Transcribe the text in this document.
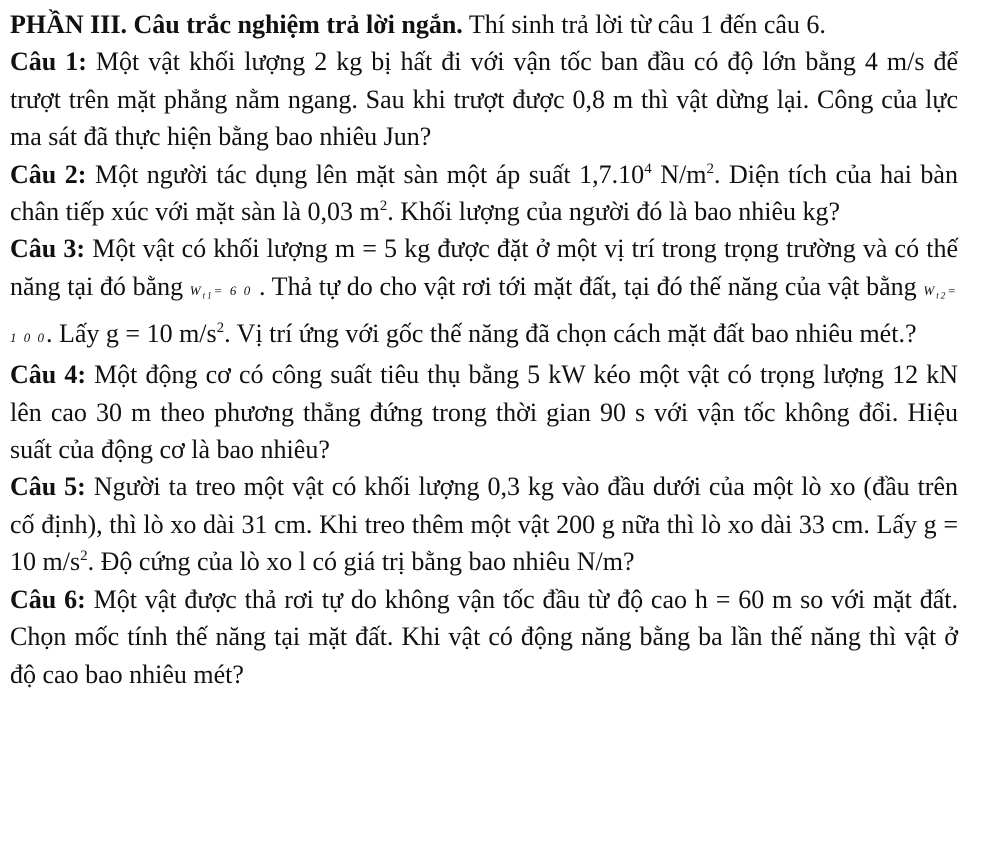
PHẦN III. Câu trắc nghiệm trả lời ngắn. Thí sinh trả lời từ câu 1 đến câu 6.

Câu 1: Một vật khối lượng 2 kg bị hất đi với vận tốc ban đầu có độ lớn bằng 4 m/s để trượt trên mặt phẳng nằm ngang. Sau khi trượt được 0,8 m thì vật dừng lại. Công của lực ma sát đã thực hiện bằng bao nhiêu Jun?

Câu 2: Một người tác dụng lên mặt sàn một áp suất 1,7.10$^4$ $N/m^2$. Diện tích của hai bàn chân tiếp xúc với mặt sàn là 0,03 $m^2$. Khối lượng của người đó là bao nhiêu kg?

Câu 3: Một vật có khối lượng m = 5 kg được đặt ở một vị trí trong trọng trường và có thế năng tại đó bằng $W_{t1}= 6$ 0 . Thả tự do cho vật rơi tới mặt đất, tại đó thế năng của vật bằng $W_{t2}= 1$ 0 0. Lấy g = 10 $m/s^2$. Vị trí ứng với gốc thế năng đã chọn cách mặt đất bao nhiêu mét.?

Câu 4: Một động cơ có công suất tiêu thụ bằng 5 kW kéo một vật có trọng lượng 12 kN lên cao 30 m theo phương thẳng đứng trong thời gian 90 s với vận tốc không đổi. Hiệu suất của động cơ là bao nhiêu?

Câu 5: Người ta treo một vật có khối lượng 0,3 kg vào đầu dưới của một lò xo (đầu trên cố định), thì lò xo dài 31 cm. Khi treo thêm một vật 200 g nữa thì lò xo dài 33 cm. Lấy g = 10 $m/s^2$. Độ cứng của lò xo l có giá trị bằng bao nhiêu N/m?

Câu 6: Một vật được thả rơi tự do không vận tốc đầu từ độ cao h = 60 m so với mặt đất. Chọn mốc tính thế năng tại mặt đất. Khi vật có động năng bằng ba lần thế năng thì vật ở độ cao bao nhiêu mét?
